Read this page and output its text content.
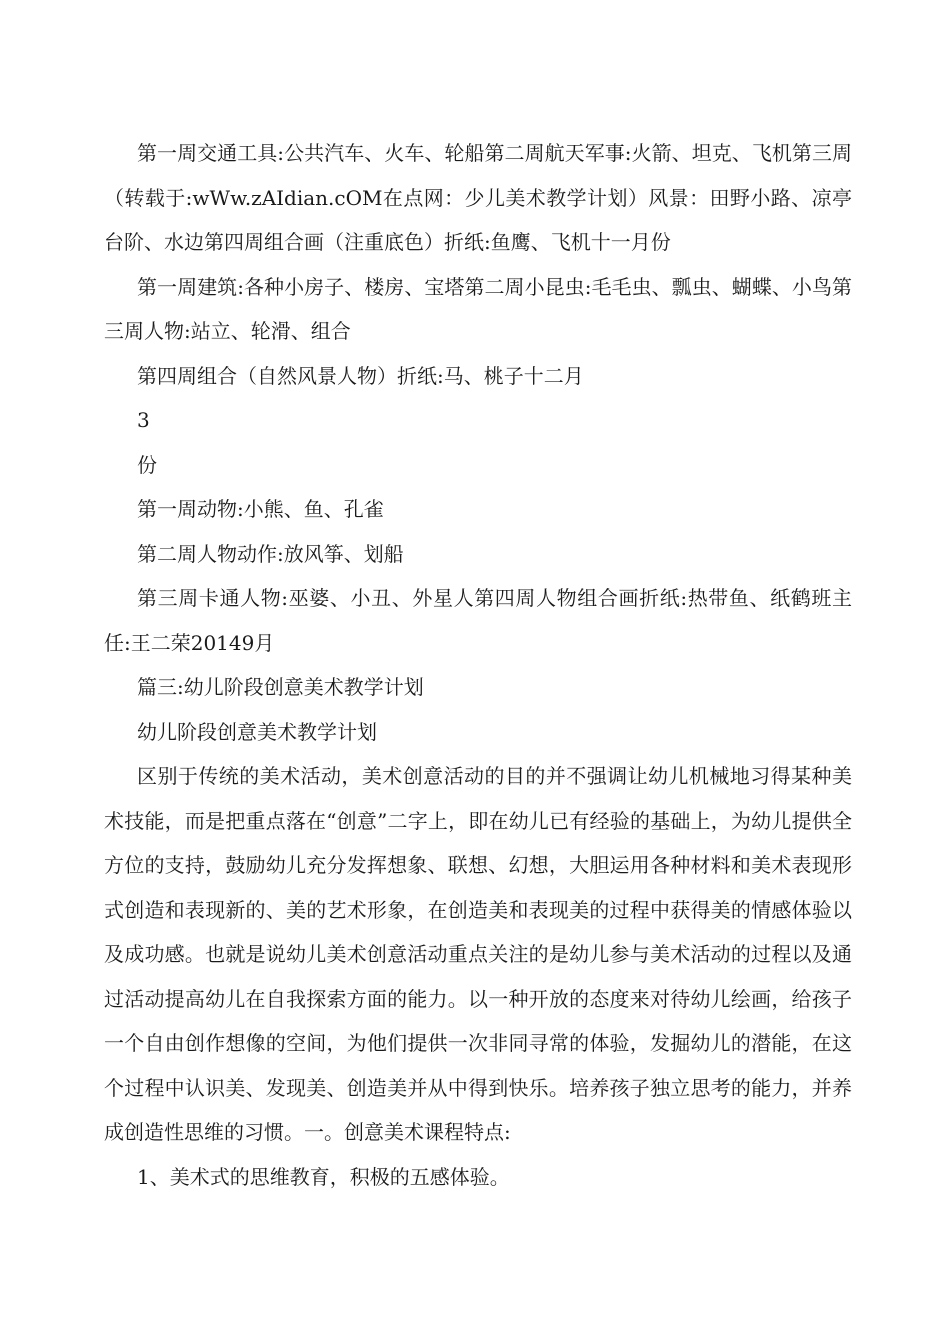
第一周交通工具:公共汽车、火车、轮船第二周航天军事:火箭、坦克、飞机第三周（转载于:wWw.zAIdian.cOM在点网：少儿美术教学计划）风景：田野小路、凉亭台阶、水边第四周组合画（注重底色）折纸:鱼鹰、飞机十一月份

第一周建筑:各种小房子、楼房、宝塔第二周小昆虫:毛毛虫、瓢虫、蝴蝶、小鸟第三周人物:站立、轮滑、组合

第四周组合（自然风景人物）折纸:马、桃子十二月

3

份

第一周动物:小熊、鱼、孔雀

第二周人物动作:放风筝、划船

第三周卡通人物:巫婆、小丑、外星人第四周人物组合画折纸:热带鱼、纸鹤班主任:王二荣20149月

篇三:幼儿阶段创意美术教学计划

幼儿阶段创意美术教学计划

区别于传统的美术活动，美术创意活动的目的并不强调让幼儿机械地习得某种美术技能，而是把重点落在“创意”二字上，即在幼儿已有经验的基础上，为幼儿提供全方位的支持，鼓励幼儿充分发挥想象、联想、幻想，大胆运用各种材料和美术表现形式创造和表现新的、美的艺术形象，在创造美和表现美的过程中获得美的情感体验以及成功感。也就是说幼儿美术创意活动重点关注的是幼儿参与美术活动的过程以及通过活动提高幼儿在自我探索方面的能力。以一种开放的态度来对待幼儿绘画，给孩子一个自由创作想像的空间，为他们提供一次非同寻常的体验，发掘幼儿的潜能，在这个过程中认识美、发现美、创造美并从中得到快乐。培养孩子独立思考的能力，并养成创造性思维的习惯。一。创意美术课程特点:

1、美术式的思维教育，积极的五感体验。
